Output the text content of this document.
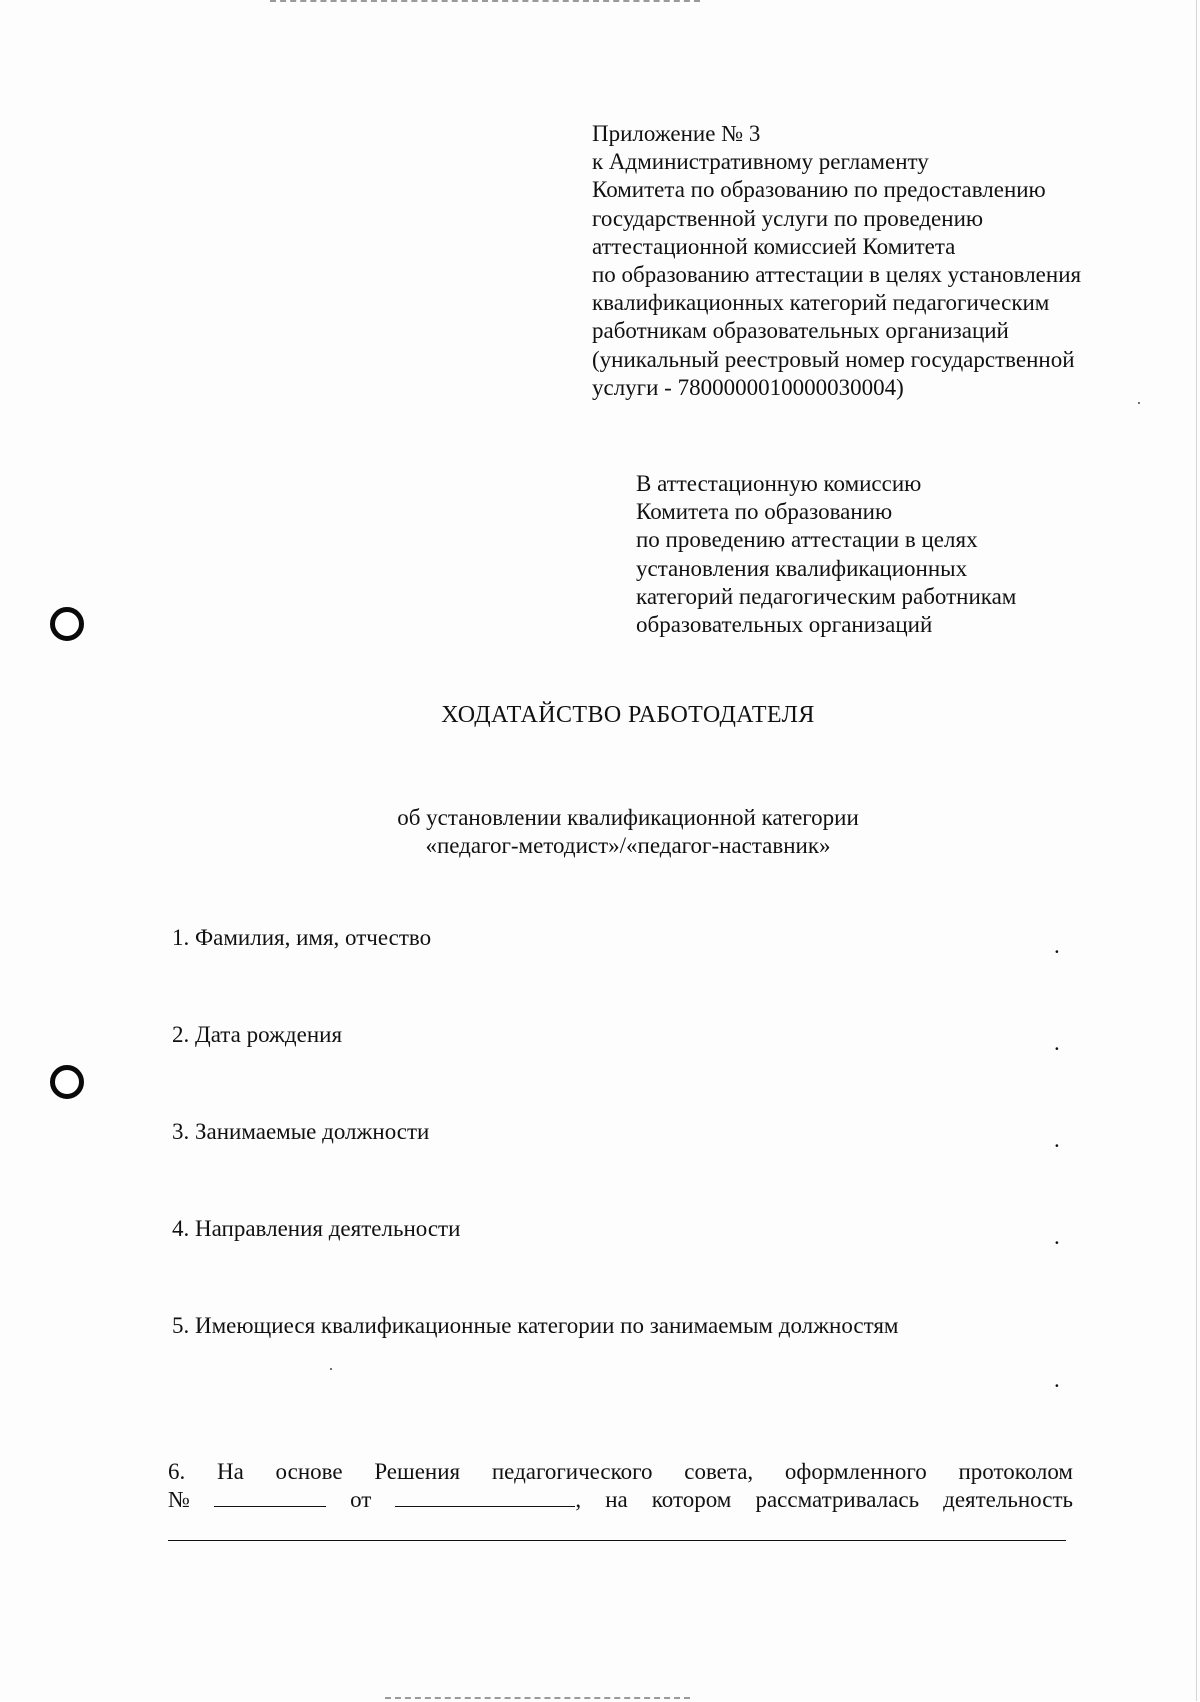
Приложение № 3
к Административному регламенту
Комитета по образованию по предоставлению
государственной услуги по проведению
аттестационной комиссией Комитета
по образованию аттестации в целях установления
квалификационных категорий педагогическим
работникам образовательных организаций
(уникальный реестровый номер государственной
услуги - 7800000010000030004)
В аттестационную комиссию
Комитета по образованию
по проведению аттестации в целях
установления квалификационных
категорий педагогическим работникам
образовательных организаций
ХОДАТАЙСТВО РАБОТОДАТЕЛЯ
об установлении квалификационной категории
«педагог-методист»/«педагог-наставник»
1. Фамилия, имя, отчество	.
2. Дата рождения	.
3. Занимаемые должности	.
4. Направления деятельности	.
5. Имеющиеся квалификационные категории по занимаемым должностям
.
6. На основе Решения педагогического совета, оформленного протоколом
№	от	, на котором рассматривалась деятельность
